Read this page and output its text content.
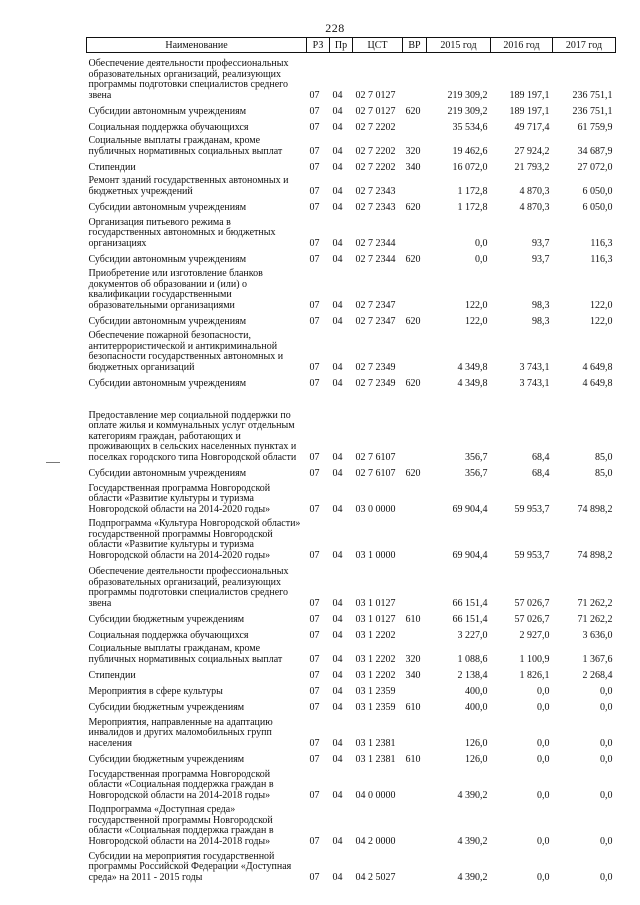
228
Наименование	РЗ	Пр	ЦСТ	ВР	2015 год	2016 год	2017 год
Обеспечение деятельности профессиональных образовательных организаций, реализующих программы подготовки специалистов среднего звена	07	04	02 7 0127		219 309,2	189 197,1	236 751,1
Субсидии автономным учреждениям	07	04	02 7 0127	620	219 309,2	189 197,1	236 751,1
Социальная поддержка обучающихся	07	04	02 7 2202		35 534,6	49 717,4	61 759,9
Социальные выплаты гражданам, кроме публичных нормативных социальных выплат	07	04	02 7 2202	320	19 462,6	27 924,2	34 687,9
Стипендии	07	04	02 7 2202	340	16 072,0	21 793,2	27 072,0
Ремонт зданий государственных автономных и бюджетных учреждений	07	04	02 7 2343		1 172,8	4 870,3	6 050,0
Субсидии автономным учреждениям	07	04	02 7 2343	620	1 172,8	4 870,3	6 050,0
Организация питьевого режима в государственных автономных и бюджетных организациях	07	04	02 7 2344		0,0	93,7	116,3
Субсидии автономным учреждениям	07	04	02 7 2344	620	0,0	93,7	116,3
Приобретение или изготовление бланков документов об образовании и (или) о квалификации государственными образовательными организациями	07	04	02 7 2347		122,0	98,3	122,0
Субсидии автономным учреждениям	07	04	02 7 2347	620	122,0	98,3	122,0
Обеспечение пожарной безопасности, антитеррористической и антикриминальной безопасности государственных автономных и бюджетных организаций	07	04	02 7 2349		4 349,8	3 743,1	4 649,8
Субсидии автономным учреждениям	07	04	02 7 2349	620	4 349,8	3 743,1	4 649,8
Предоставление мер социальной поддержки по оплате жилья и коммунальных услуг отдельным категориям граждан, работающих и проживающих в сельских населенных пунктах и поселках городского типа Новгородской области	07	04	02 7 6107		356,7	68,4	85,0
Субсидии автономным учреждениям	07	04	02 7 6107	620	356,7	68,4	85,0
Государственная программа Новгородской области «Развитие культуры и туризма Новгородской области на 2014-2020 годы»	07	04	03 0 0000		69 904,4	59 953,7	74 898,2
Подпрограмма «Культура Новгородской области» государственной программы Новгородской области «Развитие культуры и туризма Новгородской области на 2014-2020 годы»	07	04	03 1 0000		69 904,4	59 953,7	74 898,2
Обеспечение деятельности профессиональных образовательных организаций, реализующих программы подготовки специалистов среднего звена	07	04	03 1 0127		66 151,4	57 026,7	71 262,2
Субсидии бюджетным учреждениям	07	04	03 1 0127	610	66 151,4	57 026,7	71 262,2
Социальная поддержка обучающихся	07	04	03 1 2202		3 227,0	2 927,0	3 636,0
Социальные выплаты гражданам, кроме публичных нормативных социальных выплат	07	04	03 1 2202	320	1 088,6	1 100,9	1 367,6
Стипендии	07	04	03 1 2202	340	2 138,4	1 826,1	2 268,4
Мероприятия в сфере культуры	07	04	03 1 2359		400,0	0,0	0,0
Субсидии бюджетным учреждениям	07	04	03 1 2359	610	400,0	0,0	0,0
Мероприятия, направленные на адаптацию инвалидов и других маломобильных групп населения	07	04	03 1 2381		126,0	0,0	0,0
Субсидии бюджетным учреждениям	07	04	03 1 2381	610	126,0	0,0	0,0
Государственная программа Новгородской области «Социальная поддержка граждан в Новгородской области на 2014-2018 годы»	07	04	04 0 0000		4 390,2	0,0	0,0
Подпрограмма «Доступная среда» государственной программы Новгородской области «Социальная поддержка граждан в Новгородской области на 2014-2018 годы»	07	04	04 2 0000		4 390,2	0,0	0,0
Субсидии на мероприятия государственной программы Российской Федерации «Доступная среда» на 2011 - 2015 годы	07	04	04 2 5027		4 390,2	0,0	0,0
